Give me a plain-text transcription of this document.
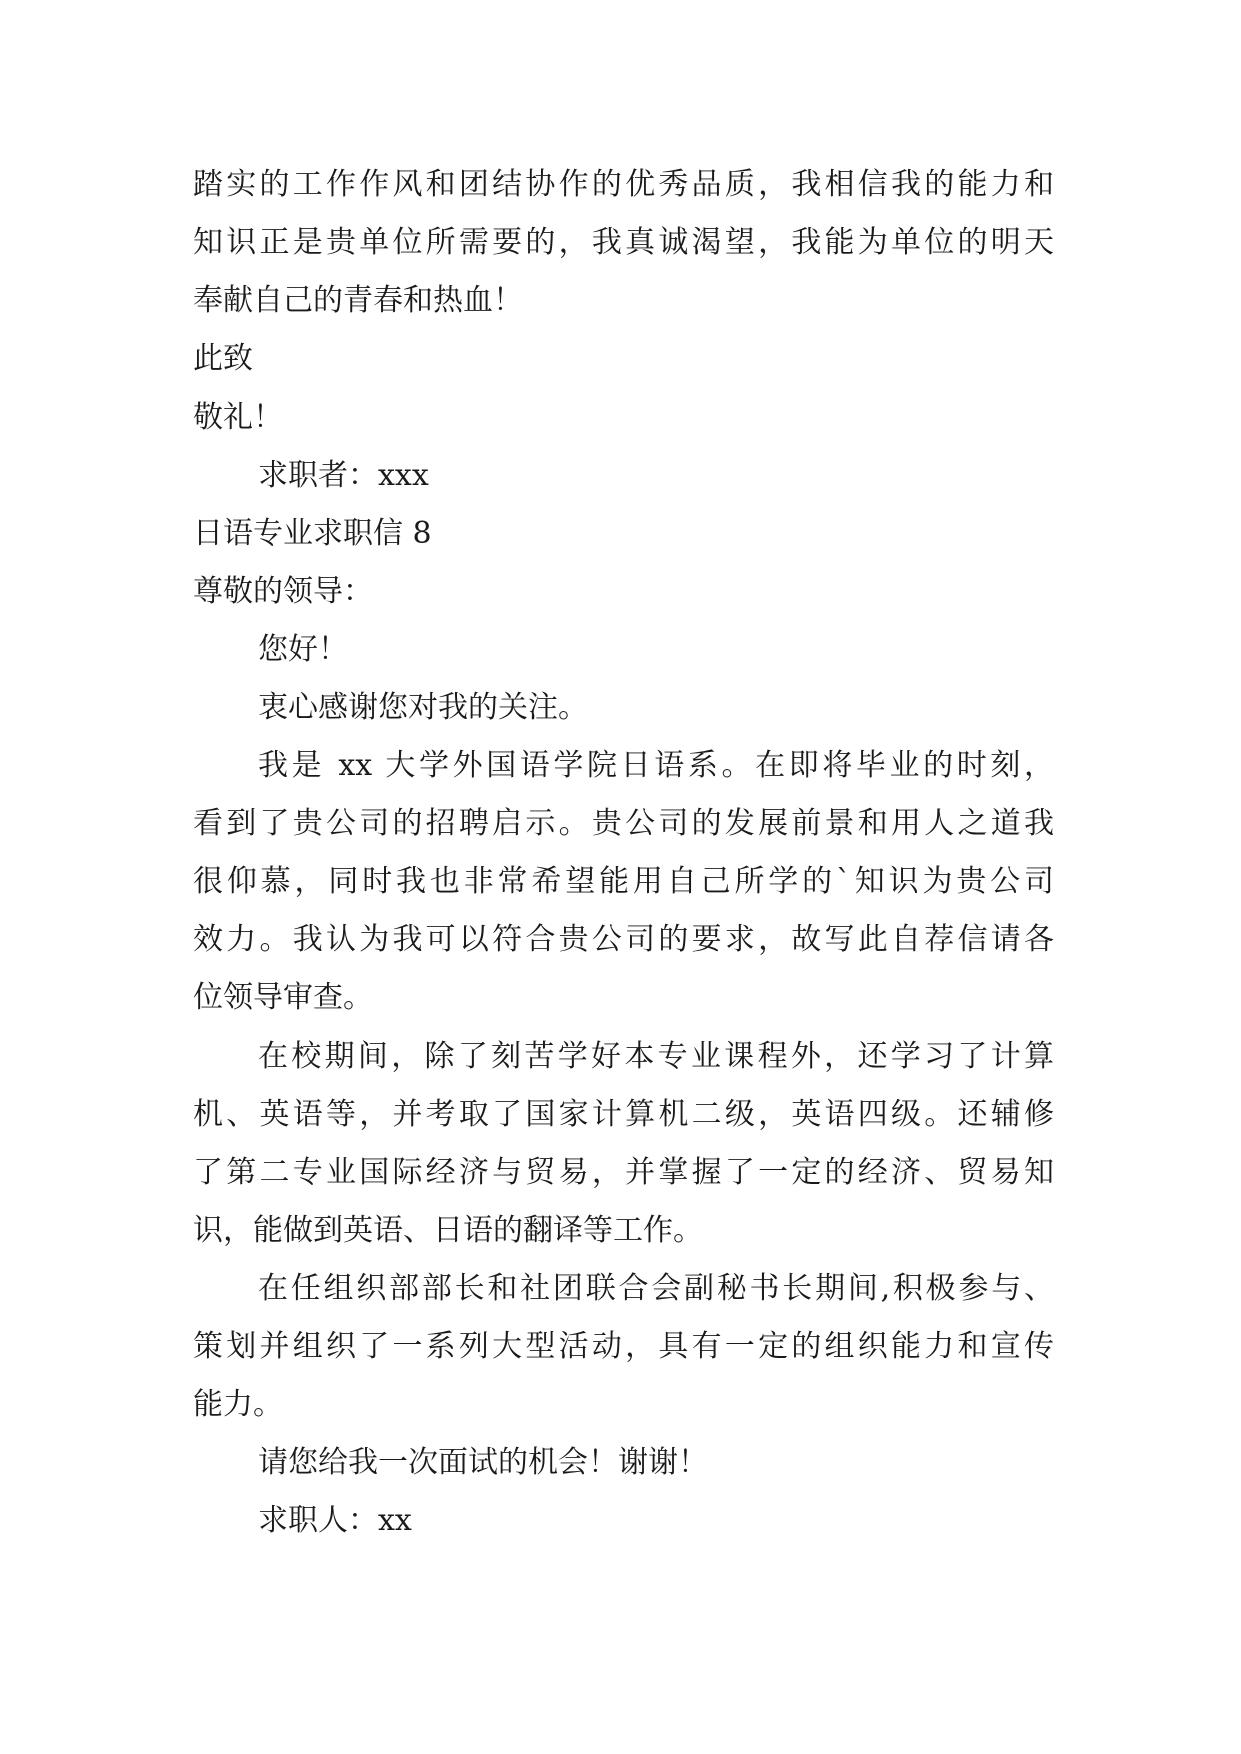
踏实的工作作风和团结协作的优秀品质，我相信我的能力和
知识正是贵单位所需要的，我真诚渴望，我能为单位的明天
奉献自己的青春和热血！
此致
敬礼！
求职者：xxx
日语专业求职信 8
尊敬的领导：
您好！
衷心感谢您对我的关注。
我是 xx 大学外国语学院日语系。在即将毕业的时刻，
看到了贵公司的招聘启示。贵公司的发展前景和用人之道我
很仰慕，同时我也非常希望能用自己所学的`知识为贵公司
效力。我认为我可以符合贵公司的要求，故写此自荐信请各
位领导审查。
在校期间，除了刻苦学好本专业课程外，还学习了计算
机、英语等，并考取了国家计算机二级，英语四级。还辅修
了第二专业国际经济与贸易，并掌握了一定的经济、贸易知
识，能做到英语、日语的翻译等工作。
在任组织部部长和社团联合会副秘书长期间,积极参与、
策划并组织了一系列大型活动，具有一定的组织能力和宣传
能力。
请您给我一次面试的机会！谢谢！
求职人：xx
